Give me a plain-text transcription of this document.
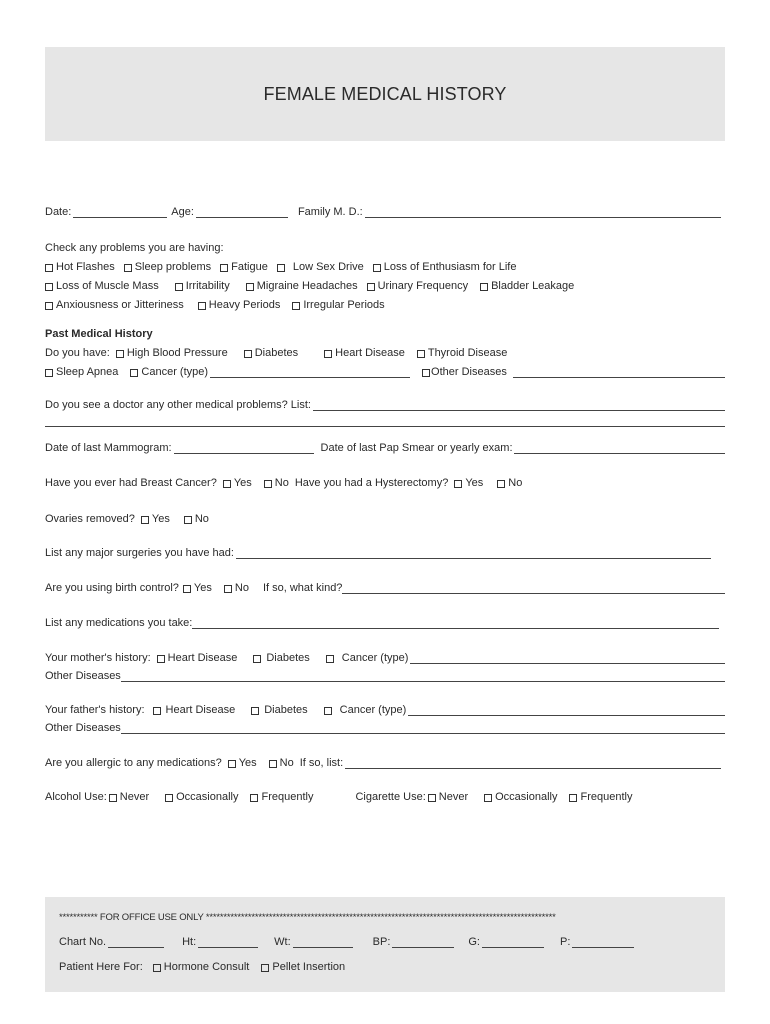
FEMALE MEDICAL HISTORY
Date:	Age:	Family M. D.:
Check any problems you are having:
Hot Flashes Sleep problems Fatigue Low Sex Drive Loss of Enthusiasm for Life
Loss of Muscle Mass Irritability Migraine Headaches Urinary Frequency Bladder Leakage
Anxiousness or Jitteriness Heavy Periods Irregular Periods
Past Medical History
Do you have: High Blood Pressure Diabetes	Heart Disease Thyroid Disease
Sleep Apnea Cancer (type)	Other Diseases
Do you see a doctor any other medical problems? List:
Date of last Mammogram:	Date of last Pap Smear or yearly exam:
Have you ever had Breast Cancer? Yes No Have you had a Hysterectomy? Yes No
Ovaries removed? Yes No
List any major surgeries you have had:
Are you using birth control? Yes No If so, what kind?
List any medications you take:
Your mother's history: Heart Disease	Diabetes	Cancer (type)
Other Diseases
Your father's history: Heart Disease	Diabetes	Cancer (type)
Other Diseases
Are you allergic to any medications? Yes No If so, list:
Alcohol Use: Never Occasionally Frequently	Cigarette Use: Never Occasionally Frequently
*********** FOR OFFICE USE ONLY ****************************************************************************************************
Chart No.	Ht:	Wt:	BP:	G:	P:
Patient Here For: Hormone Consult Pellet Insertion
